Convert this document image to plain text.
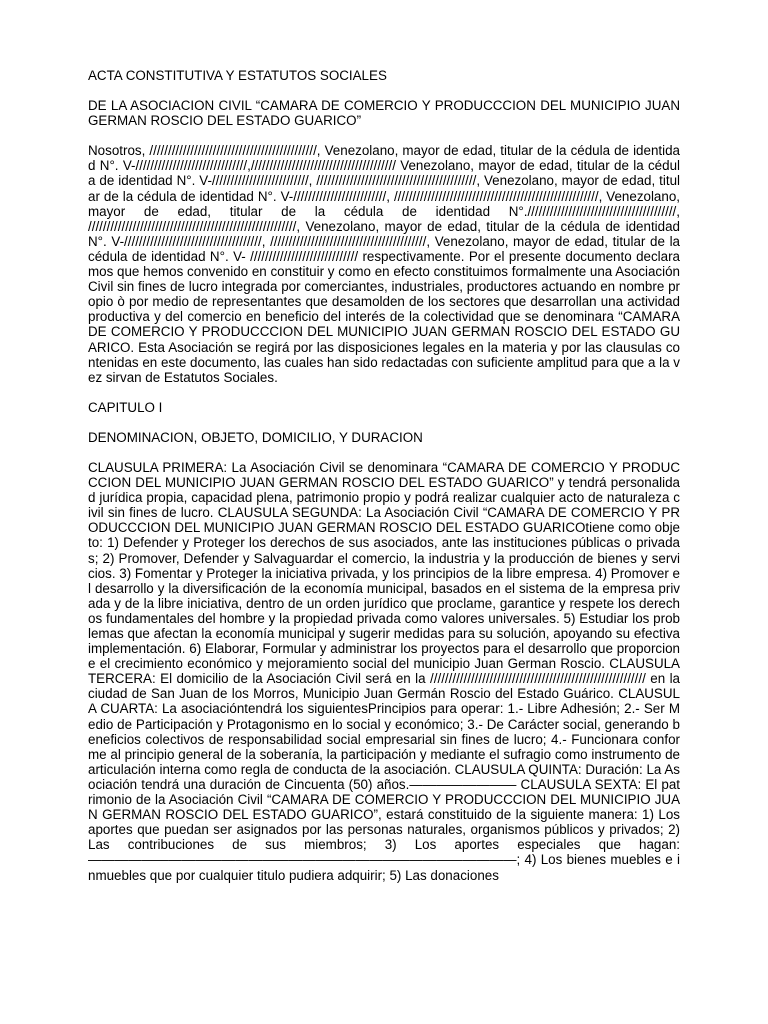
ACTA CONSTITUTIVA Y ESTATUTOS SOCIALES
DE LA ASOCIACION CIVIL “CAMARA DE COMERCIO Y PRODUCCCION DEL MUNICIPIO JUAN GERMAN ROSCIO DEL ESTADO GUARICO”
Nosotros, /////////////////////////////////////////////, Venezolano, mayor de edad, titular de la cédula de identidad N°. V-//////////////////////////////,/////////////////////////////////////// Venezolano, mayor de edad, titular de la cédula de identidad N°. V-//////////////////////////, ///////////////////////////////////////////, Venezolano, mayor de edad, titular de la cédula de identidad N°. V-/////////////////////////, ///////////////////////////////////////////////////////, Venezolano, mayor de edad, titular de la cédula de identidad N°.////////////////////////////////////////, ////////////////////////////////////////////////////////, Venezolano, mayor de edad, titular de la cédula de identidad N°. V-/////////////////////////////////////, //////////////////////////////////////////, Venezolano, mayor de edad, titular de la cédula de identidad N°. V- ///////////////////////////// respectivamente. Por el presente documento declaramos que hemos convenido en constituir y como en efecto constituimos formalmente una Asociación Civil sin fines de lucro integrada por comerciantes, industriales, productores actuando en nombre propio ò por medio de representantes que desamolden de los sectores que desarrollan una actividad productiva y del comercio en beneficio del interés de la colectividad que se denominara “CAMARA DE COMERCIO Y PRODUCCCION DEL MUNICIPIO JUAN GERMAN ROSCIO DEL ESTADO GUARICO. Esta Asociación se regirá por las disposiciones legales en la materia y por las clausulas contenidas en este documento, las cuales han sido redactadas con suficiente amplitud para que a la vez sirvan de Estatutos Sociales.
CAPITULO I
DENOMINACION, OBJETO, DOMICILIO, Y DURACION
CLAUSULA PRIMERA: La Asociación Civil se denominara “CAMARA DE COMERCIO Y PRODUCCCION DEL MUNICIPIO JUAN GERMAN ROSCIO DEL ESTADO GUARICO” y tendrá personalidad jurídica propia, capacidad plena, patrimonio propio y podrá realizar cualquier acto de naturaleza civil sin fines de lucro. CLAUSULA SEGUNDA: La Asociación Civil “CAMARA DE COMERCIO Y PRODUCCCION DEL MUNICIPIO JUAN GERMAN ROSCIO DEL ESTADO GUARICOtiene como objeto: 1) Defender y Proteger los derechos de sus asociados, ante las instituciones públicas o privadas; 2) Promover, Defender y Salvaguardar el comercio, la industria y la producción de bienes y servicios. 3) Fomentar y Proteger la iniciativa privada, y los principios de la libre empresa. 4) Promover el desarrollo y la diversificación de la economía municipal, basados en el sistema de la empresa privada y de la libre iniciativa, dentro de un orden jurídico que proclame, garantice y respete los derechos fundamentales del hombre y la propiedad privada como valores universales. 5) Estudiar los problemas que afectan la economía municipal y sugerir medidas para su solución, apoyando su efectiva implementación. 6) Elaborar, Formular y administrar los proyectos para el desarrollo que proporcione el crecimiento económico y mejoramiento social del municipio Juan German Roscio. CLAUSULA TERCERA: El domicilio de la Asociación Civil será en la ////////////////////////////////////////////////////////// en la ciudad de San Juan de los Morros, Municipio Juan Germán Roscio del Estado Guárico. CLAUSULA CUARTA: La asociacióntendrá los siguientesPrincipios para operar: 1.- Libre Adhesión; 2.- Ser Medio de Participación y Protagonismo en lo social y económico; 3.- De Carácter social, generando beneficios colectivos de responsabilidad social empresarial sin fines de lucro; 4.- Funcionara conforme al principio general de la soberanía, la participación y mediante el sufragio como instrumento de articulación interna como regla de conducta de la asociación. CLAUSULA QUINTA: Duración: La Asociación tendrá una duración de Cincuenta (50) años.———————— CLAUSULA SEXTA: El patrimonio de la Asociación Civil “CAMARA DE COMERCIO Y PRODUCCCION DEL MUNICIPIO JUAN GERMAN ROSCIO DEL ESTADO GUARICO”, estará constituido de la siguiente manera: 1) Los aportes que puedan ser asignados por las personas naturales, organismos públicos y privados; 2) Las contribuciones de sus miembros; 3) Los aportes especiales que hagan: ————————————————————————————————; 4) Los bienes muebles e inmuebles que por cualquier titulo pudiera adquirir; 5) Las donaciones
